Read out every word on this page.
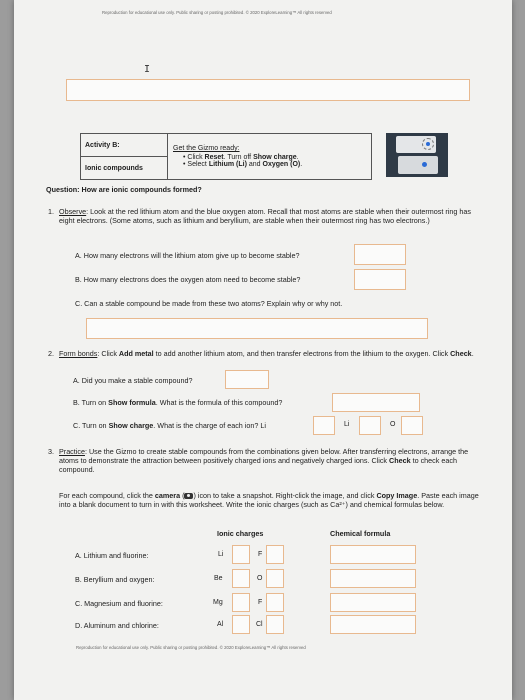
Reproduction for educational use only. Public sharing or posting prohibited. © 2020 ExploreLearning™ All rights reserved
I
Activity B:	Get the Gizmo ready:
• Click Reset. Turn off Show charge.
• Select Lithium (Li) and Oxygen (O).

Ionic compounds
Question: How are ionic compounds formed?
1. Observe: Look at the red lithium atom and the blue oxygen atom. Recall that most atoms are stable when their outermost ring has eight electrons. (Some atoms, such as lithium and beryllium, are stable when their outermost ring has two electrons.)
A. How many electrons will the lithium atom give up to become stable?
B. How many electrons does the oxygen atom need to become stable?
C. Can a stable compound be made from these two atoms? Explain why or why not.
2. Form bonds: Click Add metal to add another lithium atom, and then transfer electrons from the lithium to the oxygen. Click Check.
A. Did you make a stable compound?
B. Turn on Show formula. What is the formula of this compound?
C. Turn on Show charge. What is the charge of each ion? Li	Li	O
3. Practice: Use the Gizmo to create stable compounds from the combinations given below. After transferring electrons, arrange the atoms to demonstrate the attraction between positively charged ions and negatively charged ions. Click Check to check each compound.
For each compound, click the camera ( ) icon to take a snapshot. Right-click the image, and click Copy Image. Paste each image into a blank document to turn in with this worksheet. Write the ionic charges (such as Ca²⁺) and chemical formulas below.
Ionic charges	Chemical formula
A. Lithium and fluorine:	Li	F
B. Beryllium and oxygen:	Be	O
C. Magnesium and fluorine:	Mg	F
D. Aluminum and chlorine:	Al	Cl
Reproduction for educational use only. Public sharing or posting prohibited. © 2020 ExploreLearning™ All rights reserved
